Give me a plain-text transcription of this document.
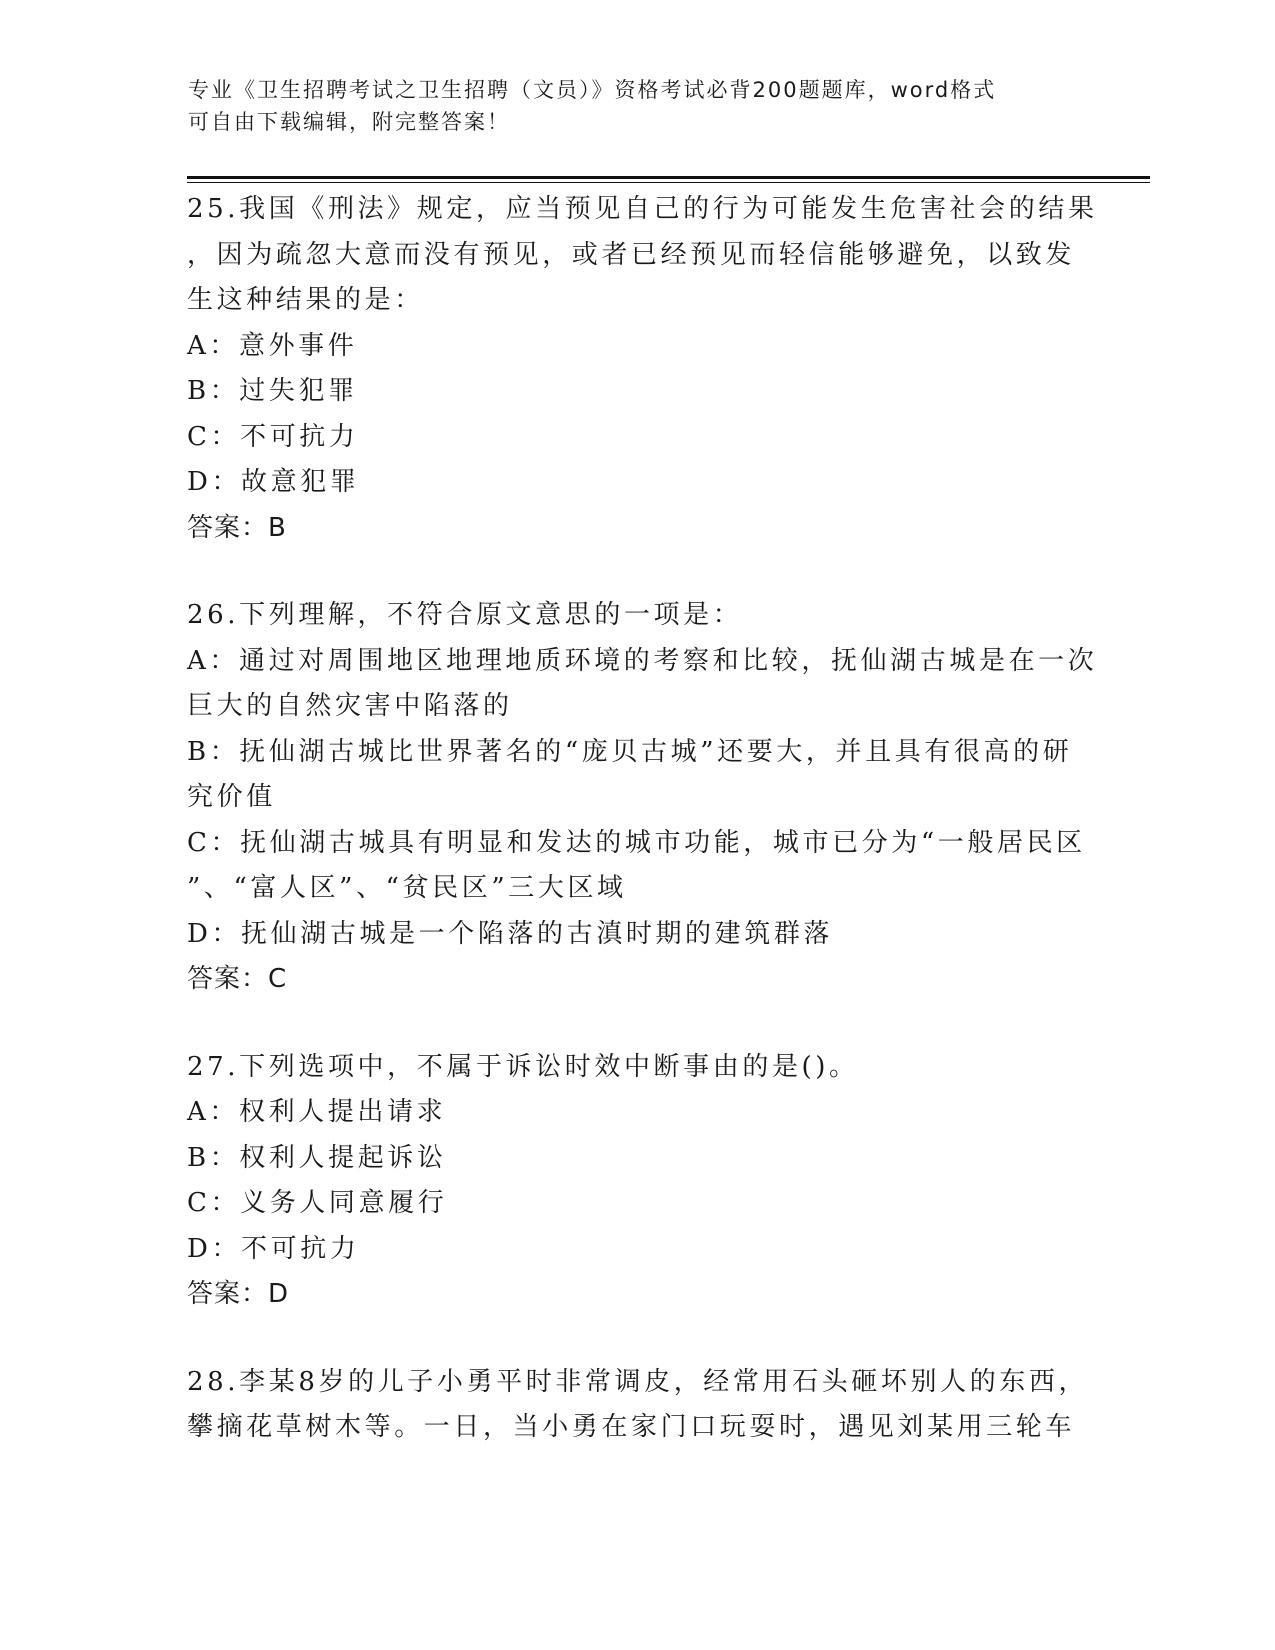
专业《卫生招聘考试之卫生招聘（文员）》资格考试必背200题题库，word格式
可自由下载编辑，附完整答案！
25.我国《刑法》规定，应当预见自己的行为可能发生危害社会的结果
，因为疏忽大意而没有预见，或者已经预见而轻信能够避免，以致发
生这种结果的是：
A：意外事件
B：过失犯罪
C：不可抗力
D：故意犯罪
答案：B
26.下列理解，不符合原文意思的一项是：
A：通过对周围地区地理地质环境的考察和比较，抚仙湖古城是在一次
巨大的自然灾害中陷落的
B：抚仙湖古城比世界著名的“庞贝古城”还要大，并且具有很高的研
究价值
C：抚仙湖古城具有明显和发达的城市功能，城市已分为“一般居民区
”、“富人区”、“贫民区”三大区域
D：抚仙湖古城是一个陷落的古滇时期的建筑群落
答案：C
27.下列选项中，不属于诉讼时效中断事由的是()。
A：权利人提出请求
B：权利人提起诉讼
C：义务人同意履行
D：不可抗力
答案：D
28.李某8岁的儿子小勇平时非常调皮，经常用石头砸坏别人的东西，
攀摘花草树木等。一日，当小勇在家门口玩耍时，遇见刘某用三轮车
